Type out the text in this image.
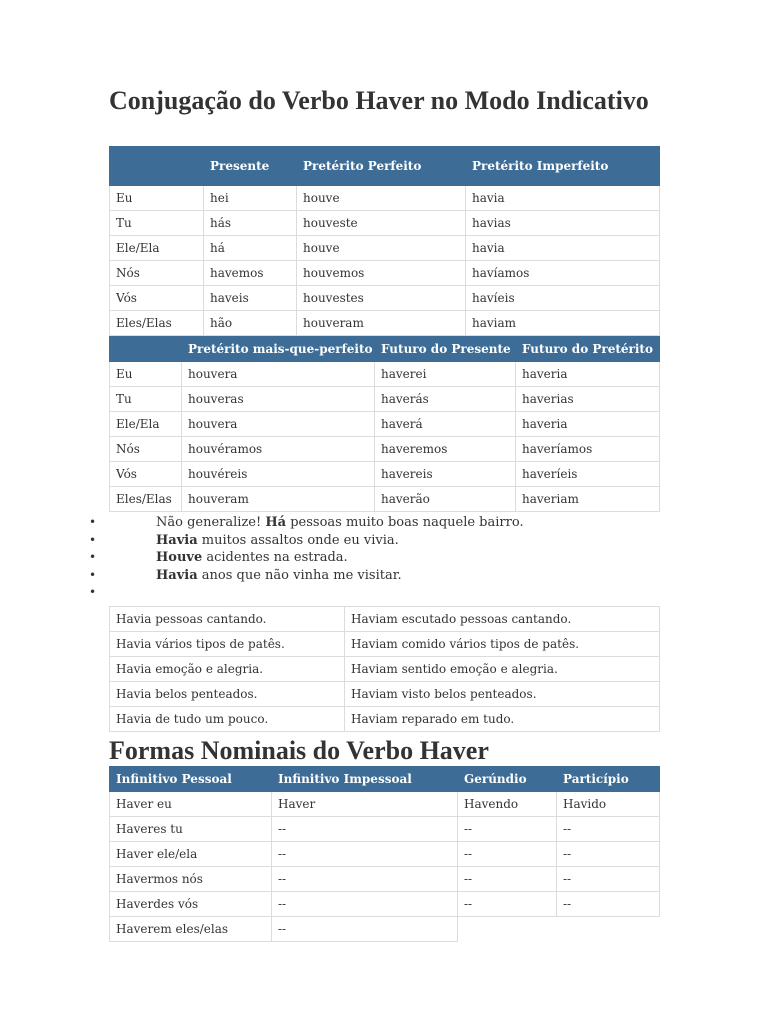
Conjugação do Verbo Haver no Modo Indicativo
	Presente	Pretérito Perfeito	Pretérito Imperfeito
Eu	hei	houve	havia
Tu	hás	houveste	havias
Ele/Ela	há	houve	havia
Nós	havemos	houvemos	havíamos
Vós	haveis	houvestes	havíeis
Eles/Elas	hão	houveram	haviam
	Pretérito mais-que-perfeito	Futuro do Presente	Futuro do Pretérito
Eu	houvera	haverei	haveria
Tu	houveras	haverás	haverias
Ele/Ela	houvera	haverá	haveria
Nós	houvéramos	haveremos	haveríamos
Vós	houvéreis	havereis	haveríeis
Eles/Elas	houveram	haverão	haveriam
•	Não generalize! Há pessoas muito boas naquele bairro.
•	Havia muitos assaltos onde eu vivia.
•	Houve acidentes na estrada.
•	Havia anos que não vinha me visitar.
•
Havia pessoas cantando.	Haviam escutado pessoas cantando.
Havia vários tipos de patês.	Haviam comido vários tipos de patês.
Havia emoção e alegria.	Haviam sentido emoção e alegria.
Havia belos penteados.	Haviam visto belos penteados.
Havia de tudo um pouco.	Haviam reparado em tudo.
Formas Nominais do Verbo Haver
Infinitivo Pessoal	Infinitivo Impessoal	Gerúndio	Particípio
Haver eu	Haver	Havendo	Havido
Haveres tu	--	--	--
Haver ele/ela	--	--	--
Havermos nós	--	--	--
Haverdes vós	--	--	--
Haverem eles/elas	--		
